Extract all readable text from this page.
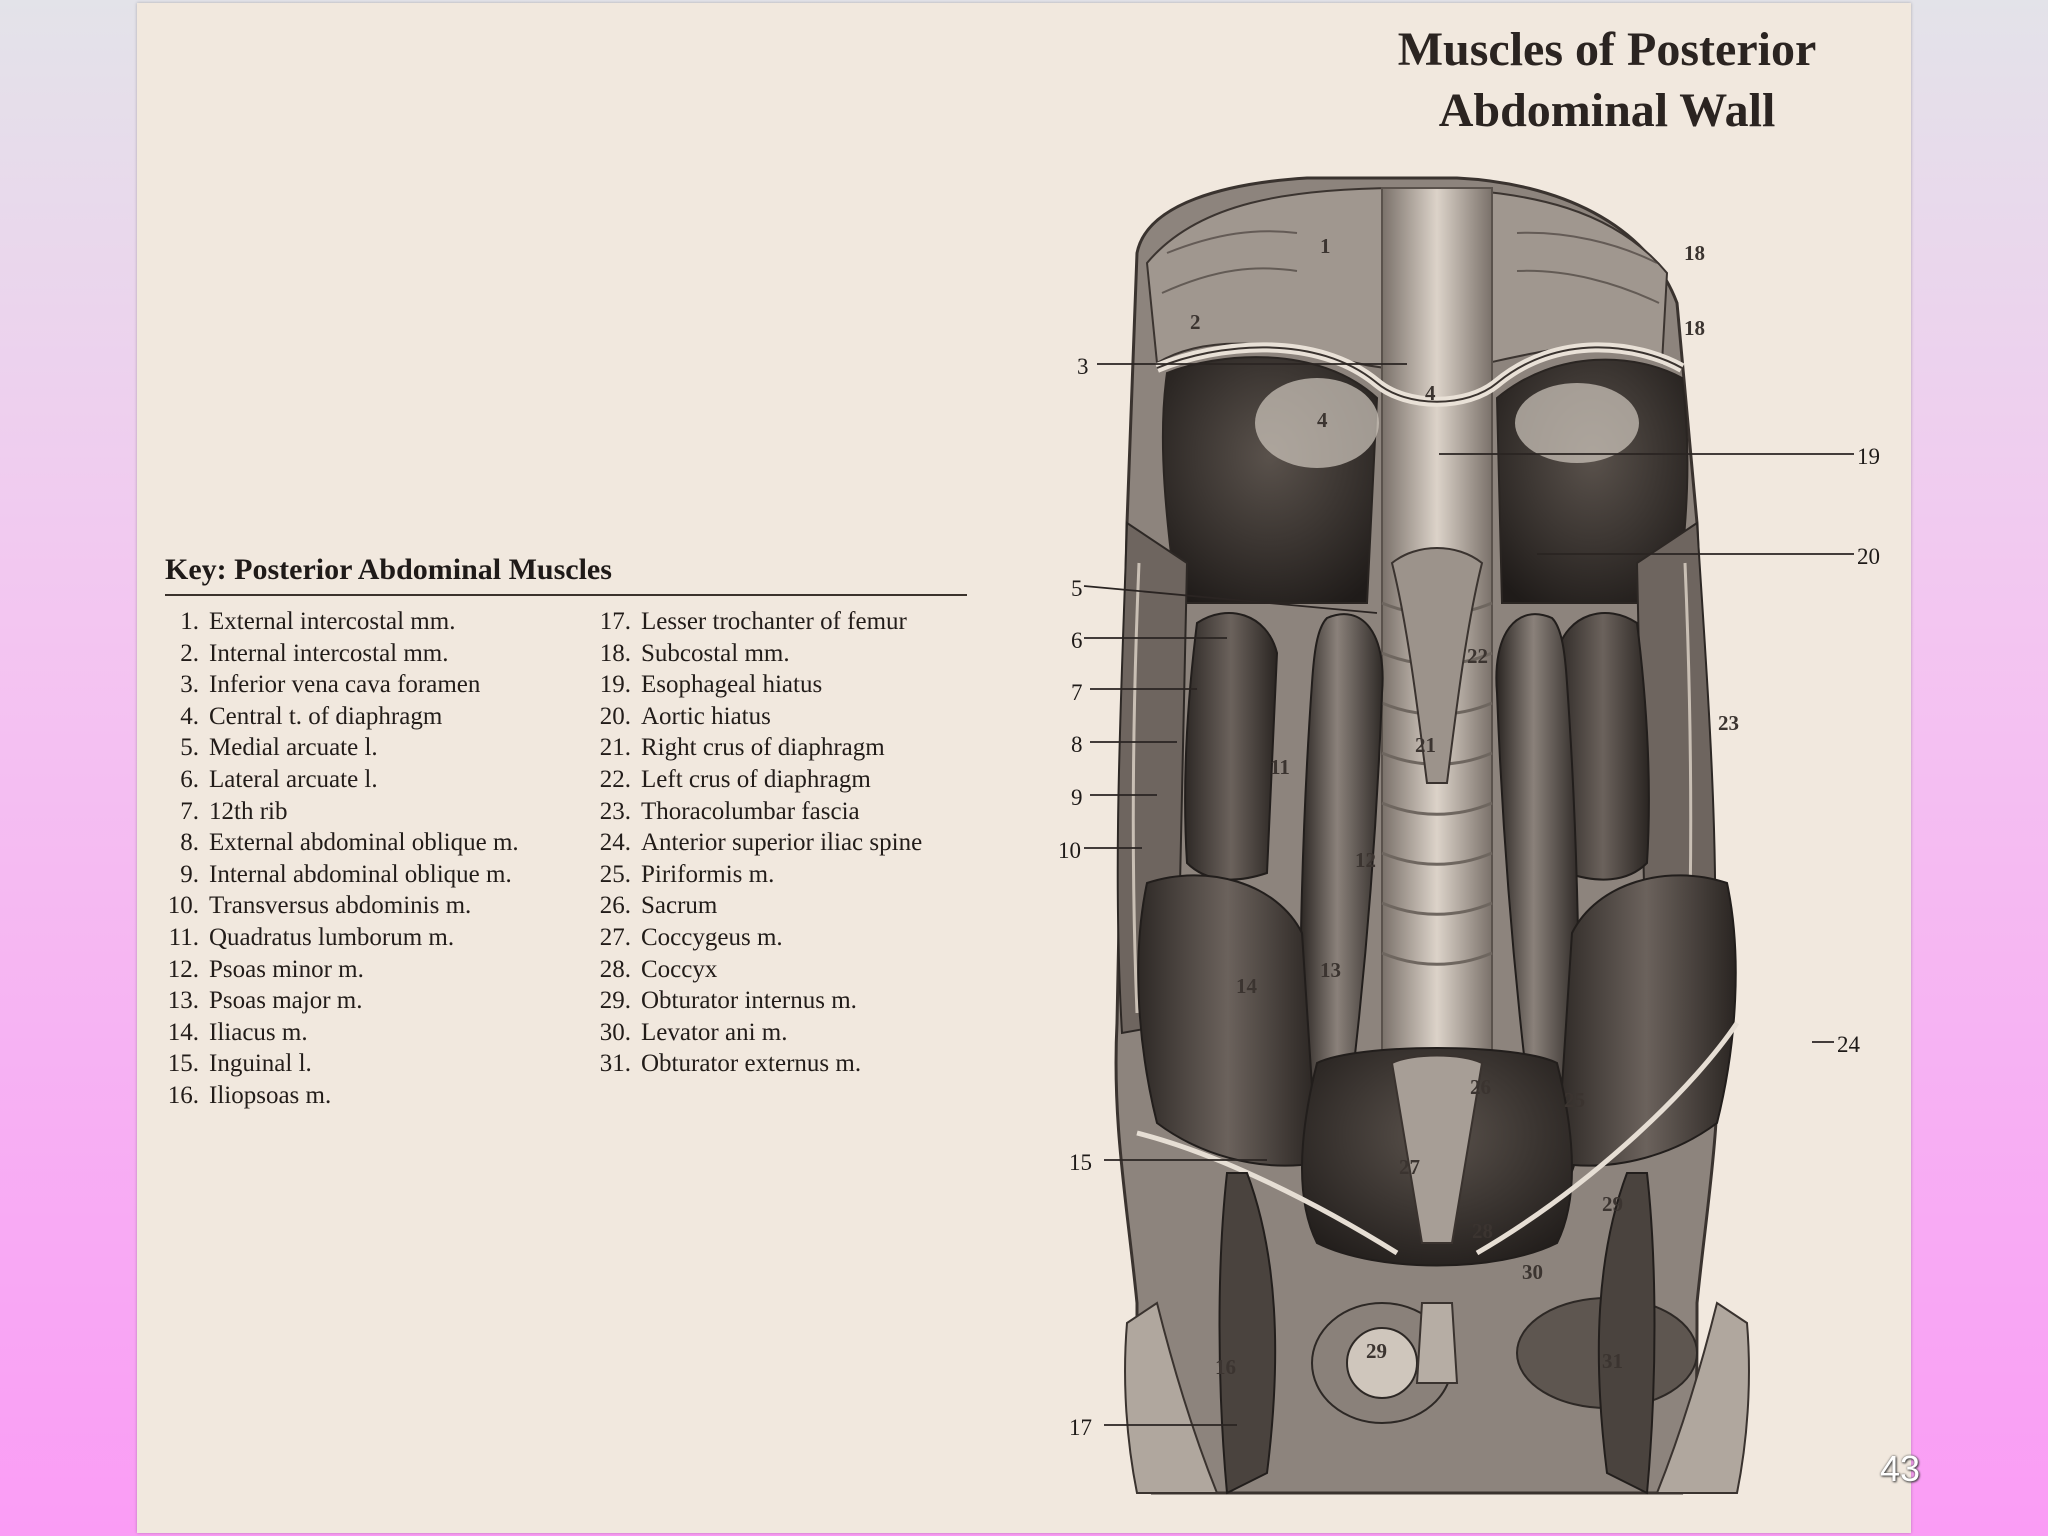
Muscles of Posterior
Abdominal Wall
Key: Posterior Abdominal Muscles
1. External intercostal mm.
2. Internal intercostal mm.
3. Inferior vena cava foramen
4. Central t. of diaphragm
5. Medial arcuate l.
6. Lateral arcuate l.
7. 12th rib
8. External abdominal oblique m.
9. Internal abdominal oblique m.
10. Transversus abdominis m.
11. Quadratus lumborum m.
12. Psoas minor m.
13. Psoas major m.
14. Iliacus m.
15. Inguinal l.
16. Iliopsoas m.
17. Lesser trochanter of femur
18. Subcostal mm.
19. Esophageal hiatus
20. Aortic hiatus
21. Right crus of diaphragm
22. Left crus of diaphragm
23. Thoracolumbar fascia
24. Anterior superior iliac spine
25. Piriformis m.
26. Sacrum
27. Coccygeus m.
28. Coccyx
29. Obturator internus m.
30. Levator ani m.
31. Obturator externus m.
3
5
6
7
8
9
10
15
17
19
20
24
1
2
4
4
11
12
13
14
16
18
18
21
22
23
25
26
27
28
29
29
30
31
43
